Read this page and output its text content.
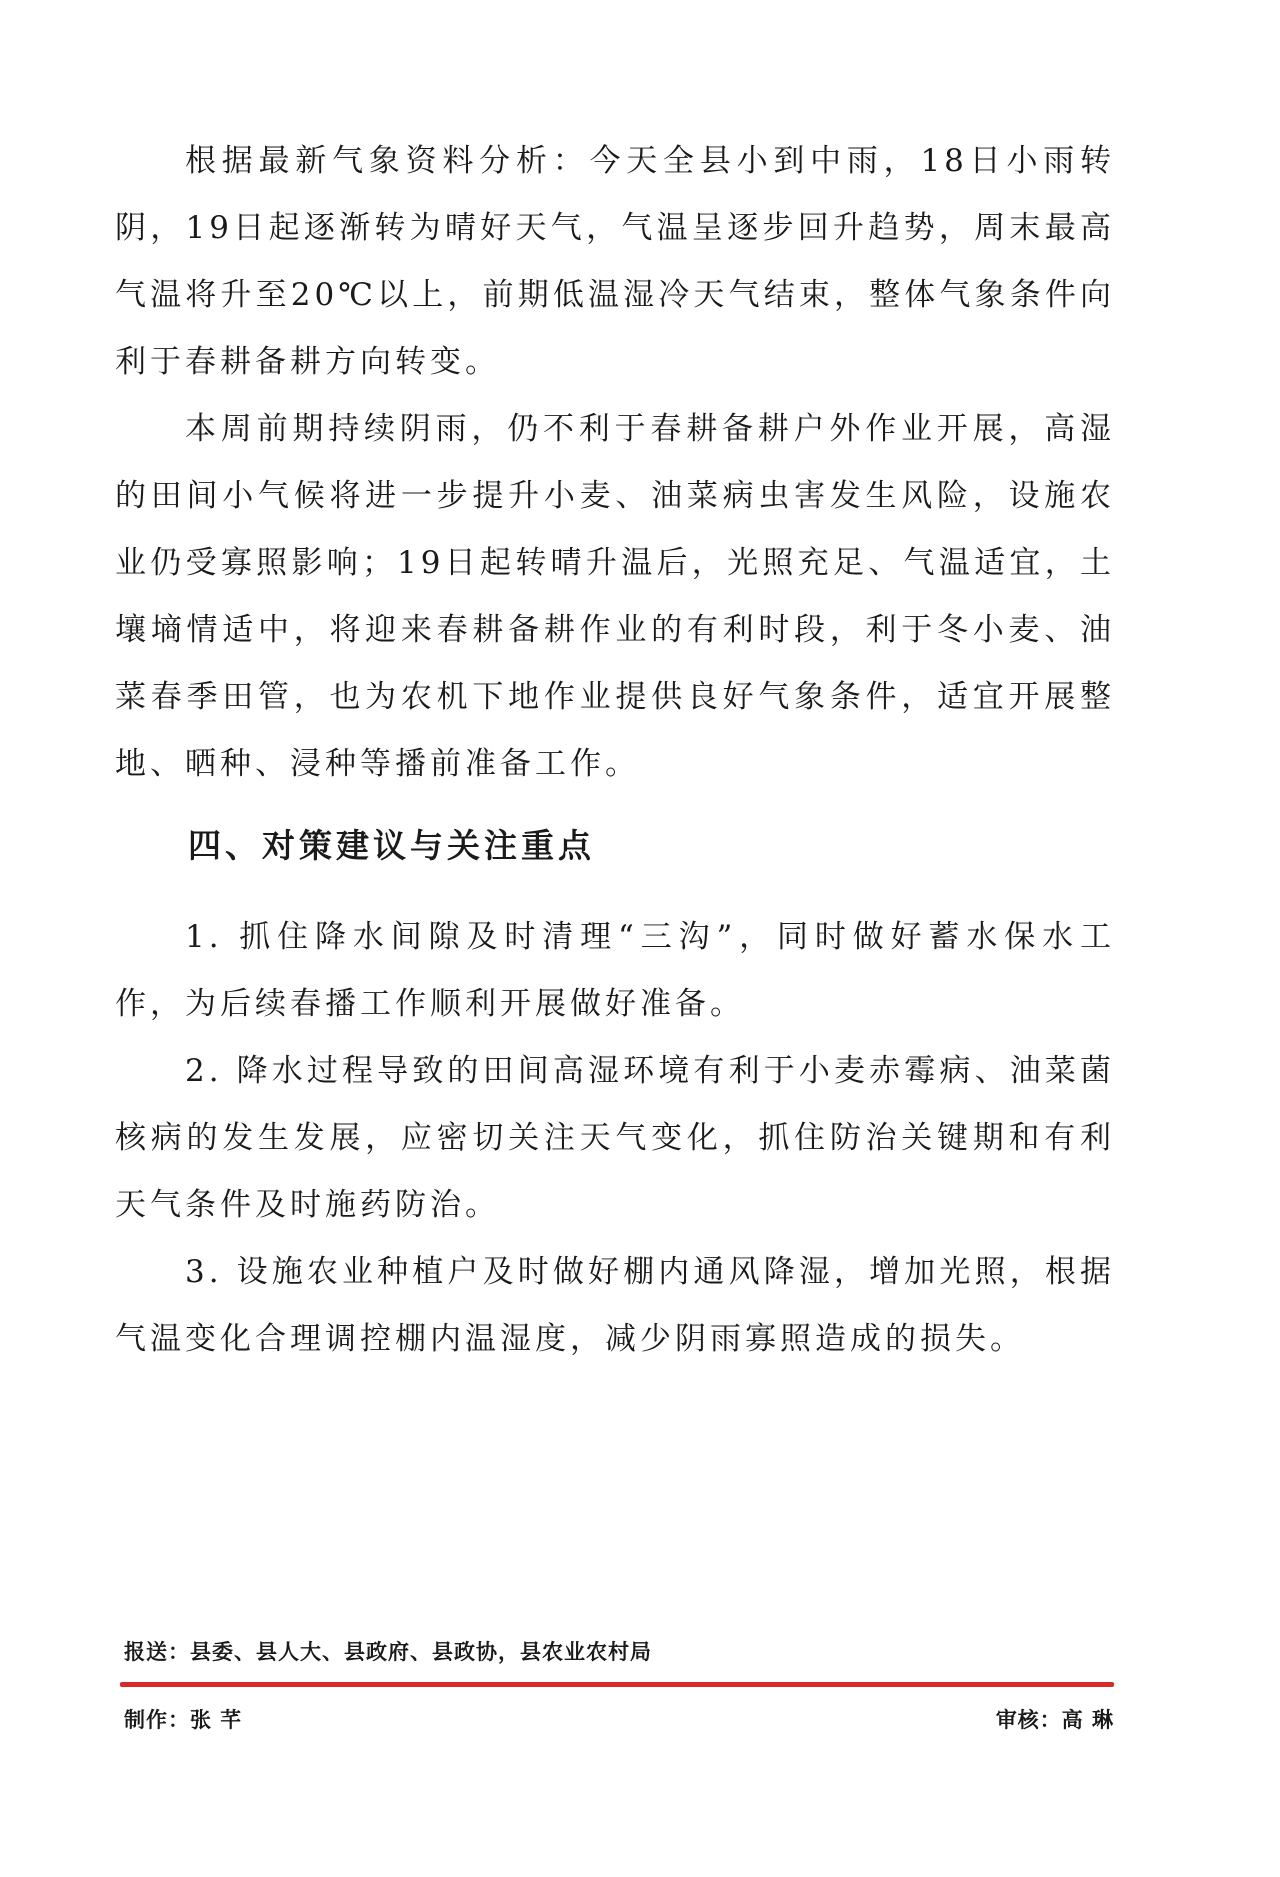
根据最新气象资料分析：今天全县小到中雨，18日小雨转阴，19日起逐渐转为晴好天气，气温呈逐步回升趋势，周末最高气温将升至20℃以上，前期低温湿冷天气结束，整体气象条件向利于春耕备耕方向转变。

本周前期持续阴雨，仍不利于春耕备耕户外作业开展，高湿的田间小气候将进一步提升小麦、油菜病虫害发生风险，设施农业仍受寡照影响；19日起转晴升温后，光照充足、气温适宜，土壤墒情适中，将迎来春耕备耕作业的有利时段，利于冬小麦、油菜春季田管，也为农机下地作业提供良好气象条件，适宜开展整地、晒种、浸种等播前准备工作。

四、对策建议与关注重点

1. 抓住降水间隙及时清理“三沟”，同时做好蓄水保水工作，为后续春播工作顺利开展做好准备。

2. 降水过程导致的田间高湿环境有利于小麦赤霉病、油菜菌核病的发生发展，应密切关注天气变化，抓住防治关键期和有利天气条件及时施药防治。

3. 设施农业种植户及时做好棚内通风降湿，增加光照，根据气温变化合理调控棚内温湿度，减少阴雨寡照造成的损失。

报送：县委、县人大、县政府、县政协，县农业农村局
制作：张 芊	审核：高 琳
